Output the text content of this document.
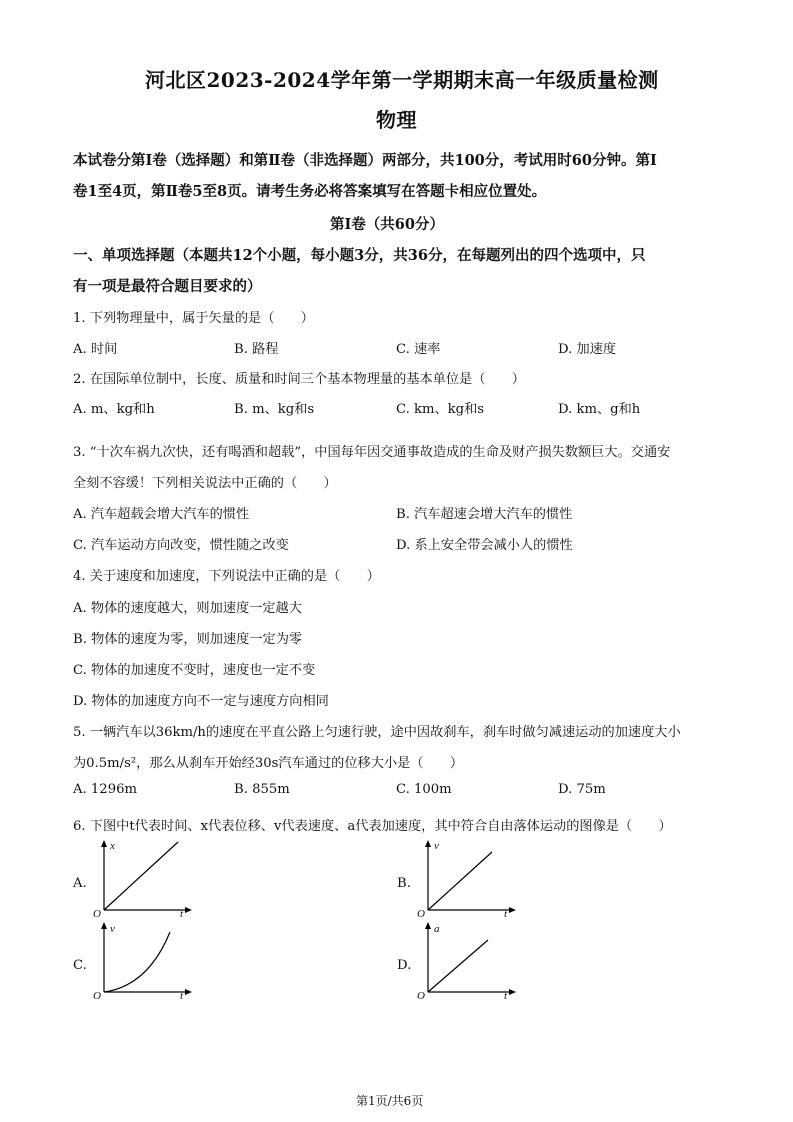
河北区2023-2024学年第一学期期末高一年级质量检测
物理
本试卷分第Ⅰ卷（选择题）和第Ⅱ卷（非选择题）两部分，共100分，考试用时60分钟。第Ⅰ
卷1至4页，第Ⅱ卷5至8页。请考生务必将答案填写在答题卡相应位置处。
第Ⅰ卷（共60分）
一、单项选择题（本题共12个小题，每小题3分，共36分，在每题列出的四个选项中，只
有一项是最符合题目要求的）
1. 下列物理量中，属于矢量的是（　　）
A. 时间	B. 路程	C. 速率	D. 加速度
2. 在国际单位制中，长度、质量和时间三个基本物理量的基本单位是（　　）
A. m、kg和h	B. m、kg和s	C. km、kg和s	D. km、g和h
3. “十次车祸九次快，还有喝酒和超载”，中国每年因交通事故造成的生命及财产损失数额巨大。交通安
全刻不容缓！下列相关说法中正确的（　　）
A. 汽车超载会增大汽车的惯性	B. 汽车超速会增大汽车的惯性
C. 汽车运动方向改变，惯性随之改变	D. 系上安全带会减小人的惯性
4. 关于速度和加速度，下列说法中正确的是（　　）
A. 物体的速度越大，则加速度一定越大
B. 物体的速度为零，则加速度一定为零
C. 物体的加速度不变时，速度也一定不变
D. 物体的加速度方向不一定与速度方向相同
5. 一辆汽车以36km/h的速度在平直公路上匀速行驶，途中因故刹车，刹车时做匀减速运动的加速度大小
为0.5m/s²，那么从刹车开始经30s汽车通过的位移大小是（　　）
A. 1296m	B. 855m	C. 100m	D. 75m
6. 下图中t代表时间、x代表位移、v代表速度、a代表加速度，其中符合自由落体运动的图像是（　　）
A.
x
t
O
B.
v
t
O
C.
v
t
O
D.
a
t
O
第1页/共6页
